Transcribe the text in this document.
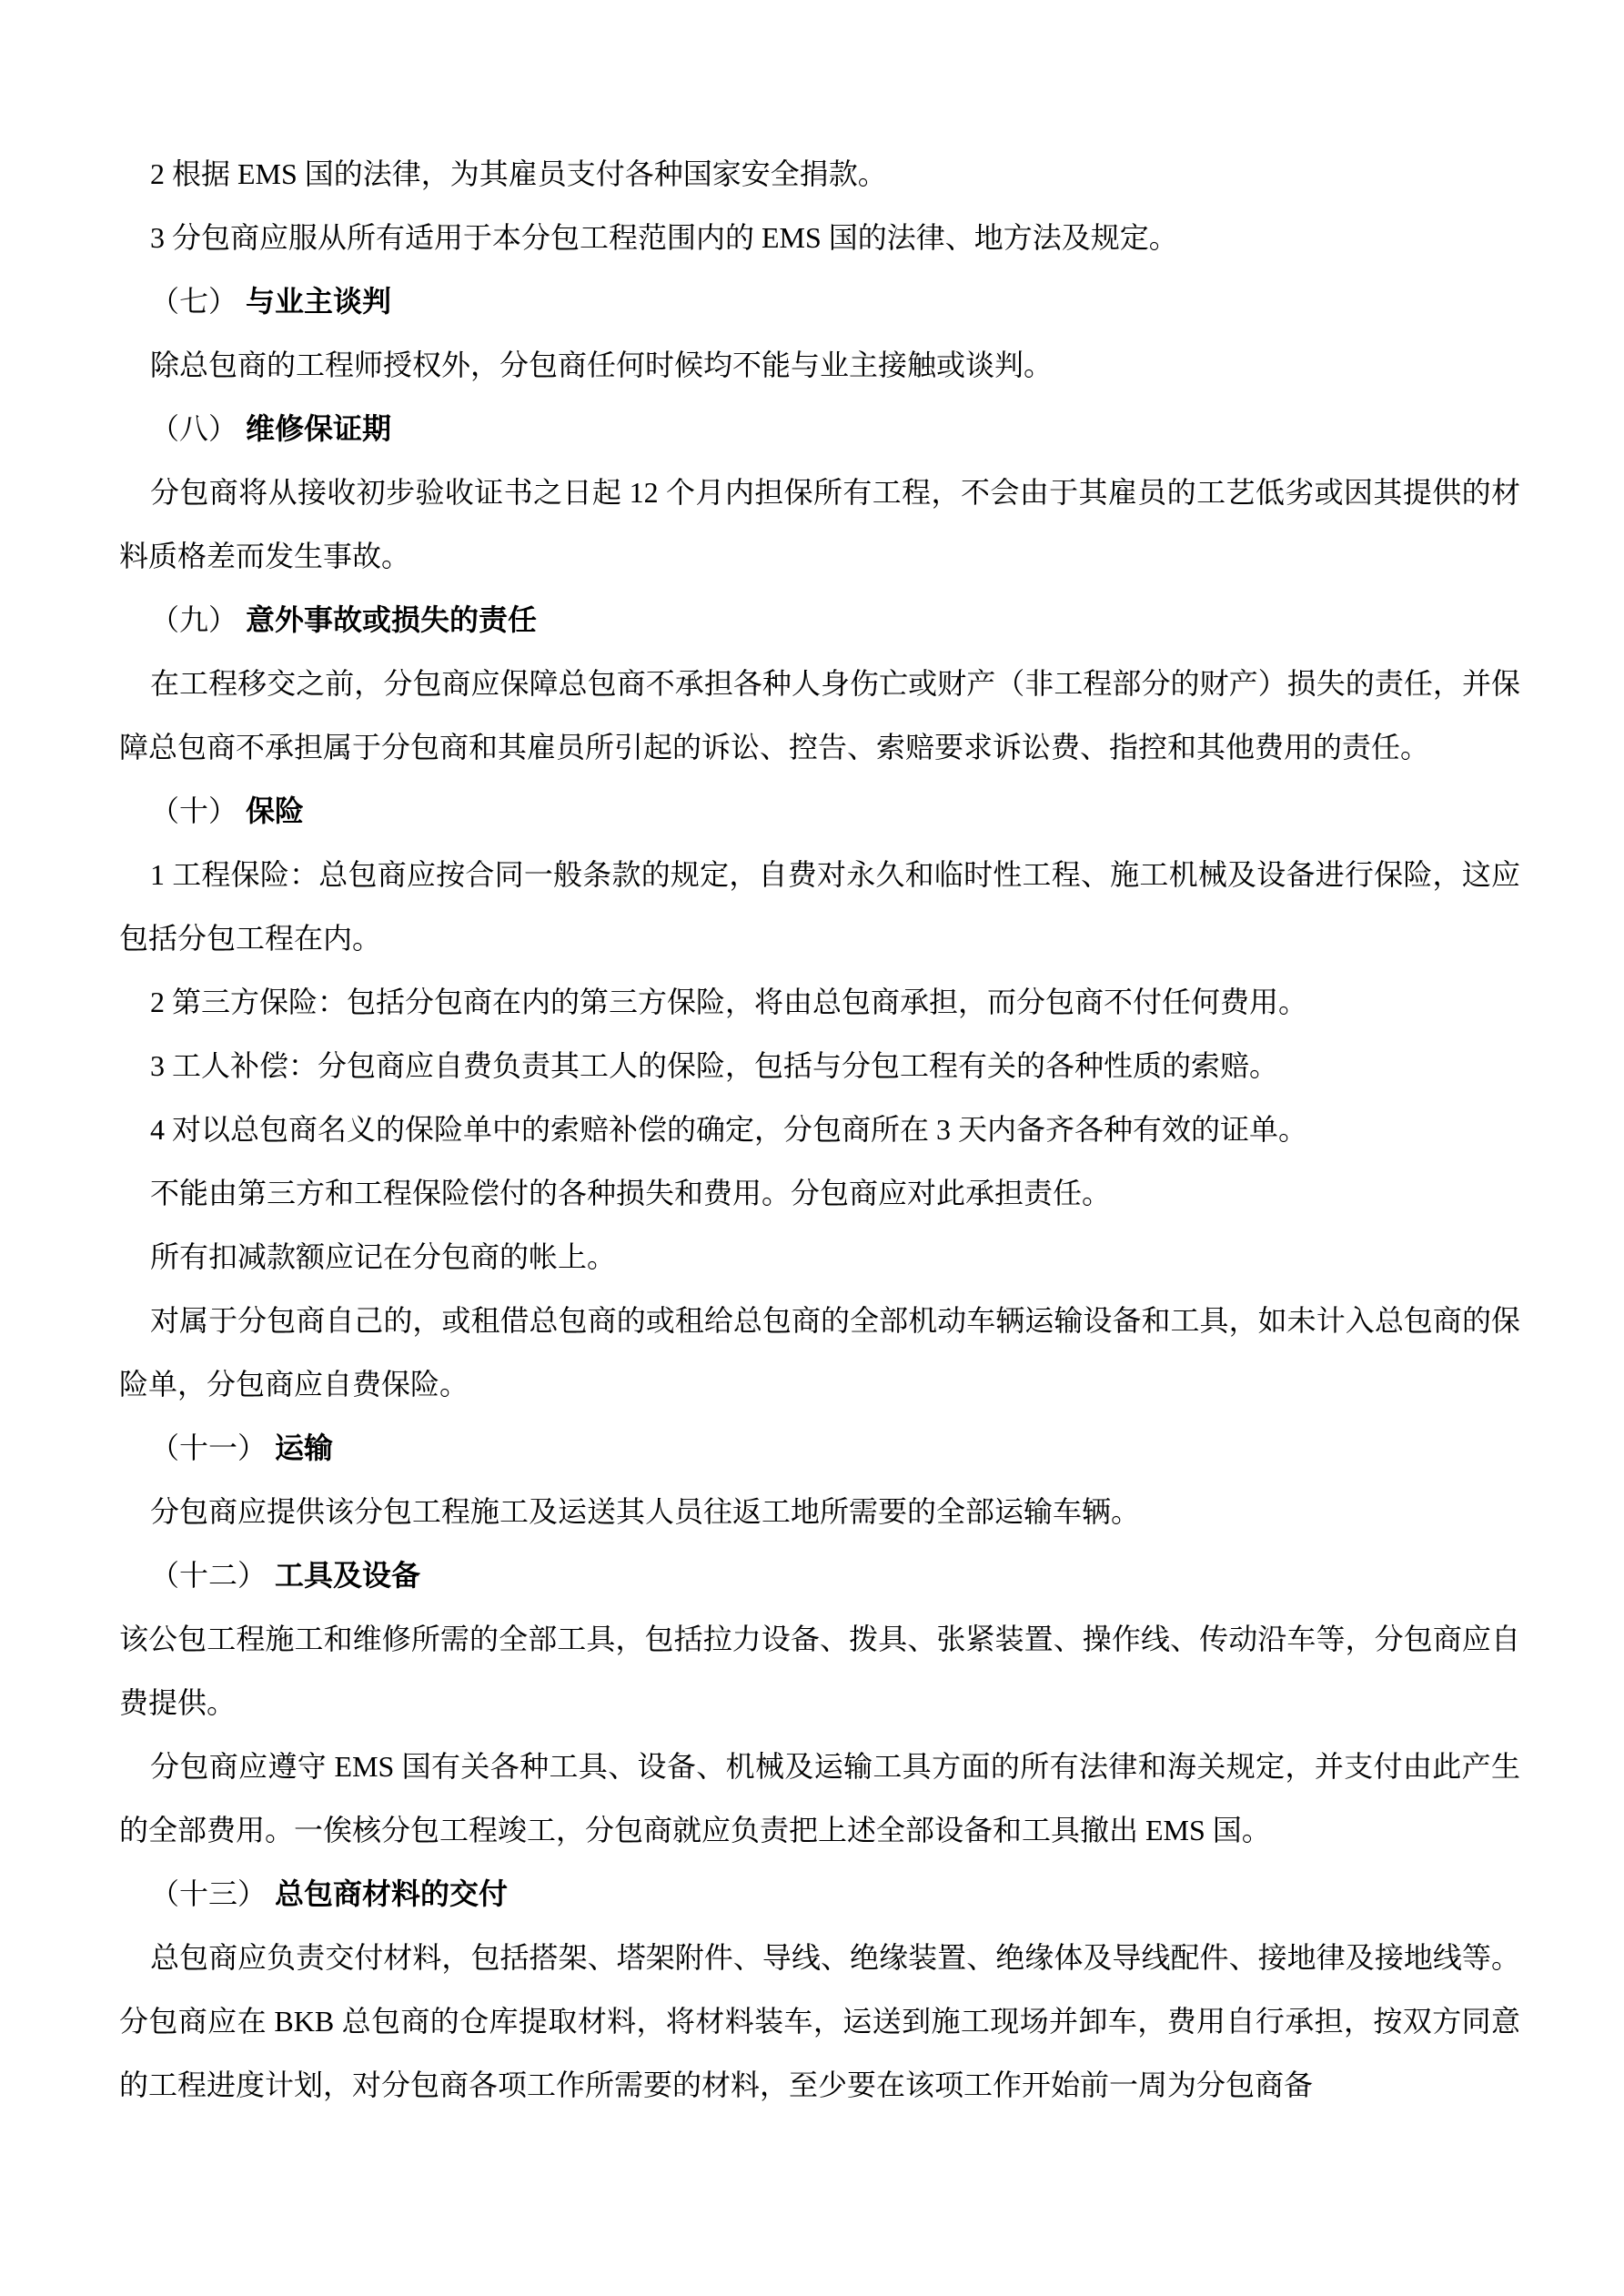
2 根据 EMS 国的法律，为其雇员支付各种国家安全捐款。
3 分包商应服从所有适用于本分包工程范围内的 EMS 国的法律、地方法及规定。
（七） 与业主谈判
除总包商的工程师授权外，分包商任何时候均不能与业主接触或谈判。
（八） 维修保证期
分包商将从接收初步验收证书之日起 12 个月内担保所有工程，不会由于其雇员的工艺低劣或因其提供的材料质格差而发生事故。
（九） 意外事故或损失的责任
在工程移交之前，分包商应保障总包商不承担各种人身伤亡或财产（非工程部分的财产）损失的责任，并保障总包商不承担属于分包商和其雇员所引起的诉讼、控告、索赔要求诉讼费、指控和其他费用的责任。
（十） 保险
1 工程保险：总包商应按合同一般条款的规定，自费对永久和临时性工程、施工机械及设备进行保险，这应包括分包工程在内。
2 第三方保险：包括分包商在内的第三方保险，将由总包商承担，而分包商不付任何费用。
3 工人补偿：分包商应自费负责其工人的保险，包括与分包工程有关的各种性质的索赔。
4 对以总包商名义的保险单中的索赔补偿的确定，分包商所在 3 天内备齐各种有效的证单。
不能由第三方和工程保险偿付的各种损失和费用。分包商应对此承担责任。
所有扣减款额应记在分包商的帐上。
对属于分包商自己的，或租借总包商的或租给总包商的全部机动车辆运输设备和工具，如未计入总包商的保险单，分包商应自费保险。
（十一） 运输
分包商应提供该分包工程施工及运送其人员往返工地所需要的全部运输车辆。
（十二） 工具及设备
该公包工程施工和维修所需的全部工具，包括拉力设备、拨具、张紧装置、操作线、传动沿车等，分包商应自费提供。
分包商应遵守 EMS 国有关各种工具、设备、机械及运输工具方面的所有法律和海关规定，并支付由此产生的全部费用。一俟核分包工程竣工，分包商就应负责把上述全部设备和工具撤出 EMS 国。
（十三） 总包商材料的交付
总包商应负责交付材料，包括搭架、塔架附件、导线、绝缘装置、绝缘体及导线配件、接地律及接地线等。分包商应在 BKB 总包商的仓库提取材料，将材料装车，运送到施工现场并卸车，费用自行承担，按双方同意的工程进度计划，对分包商各项工作所需要的材料，至少要在该项工作开始前一周为分包商备
